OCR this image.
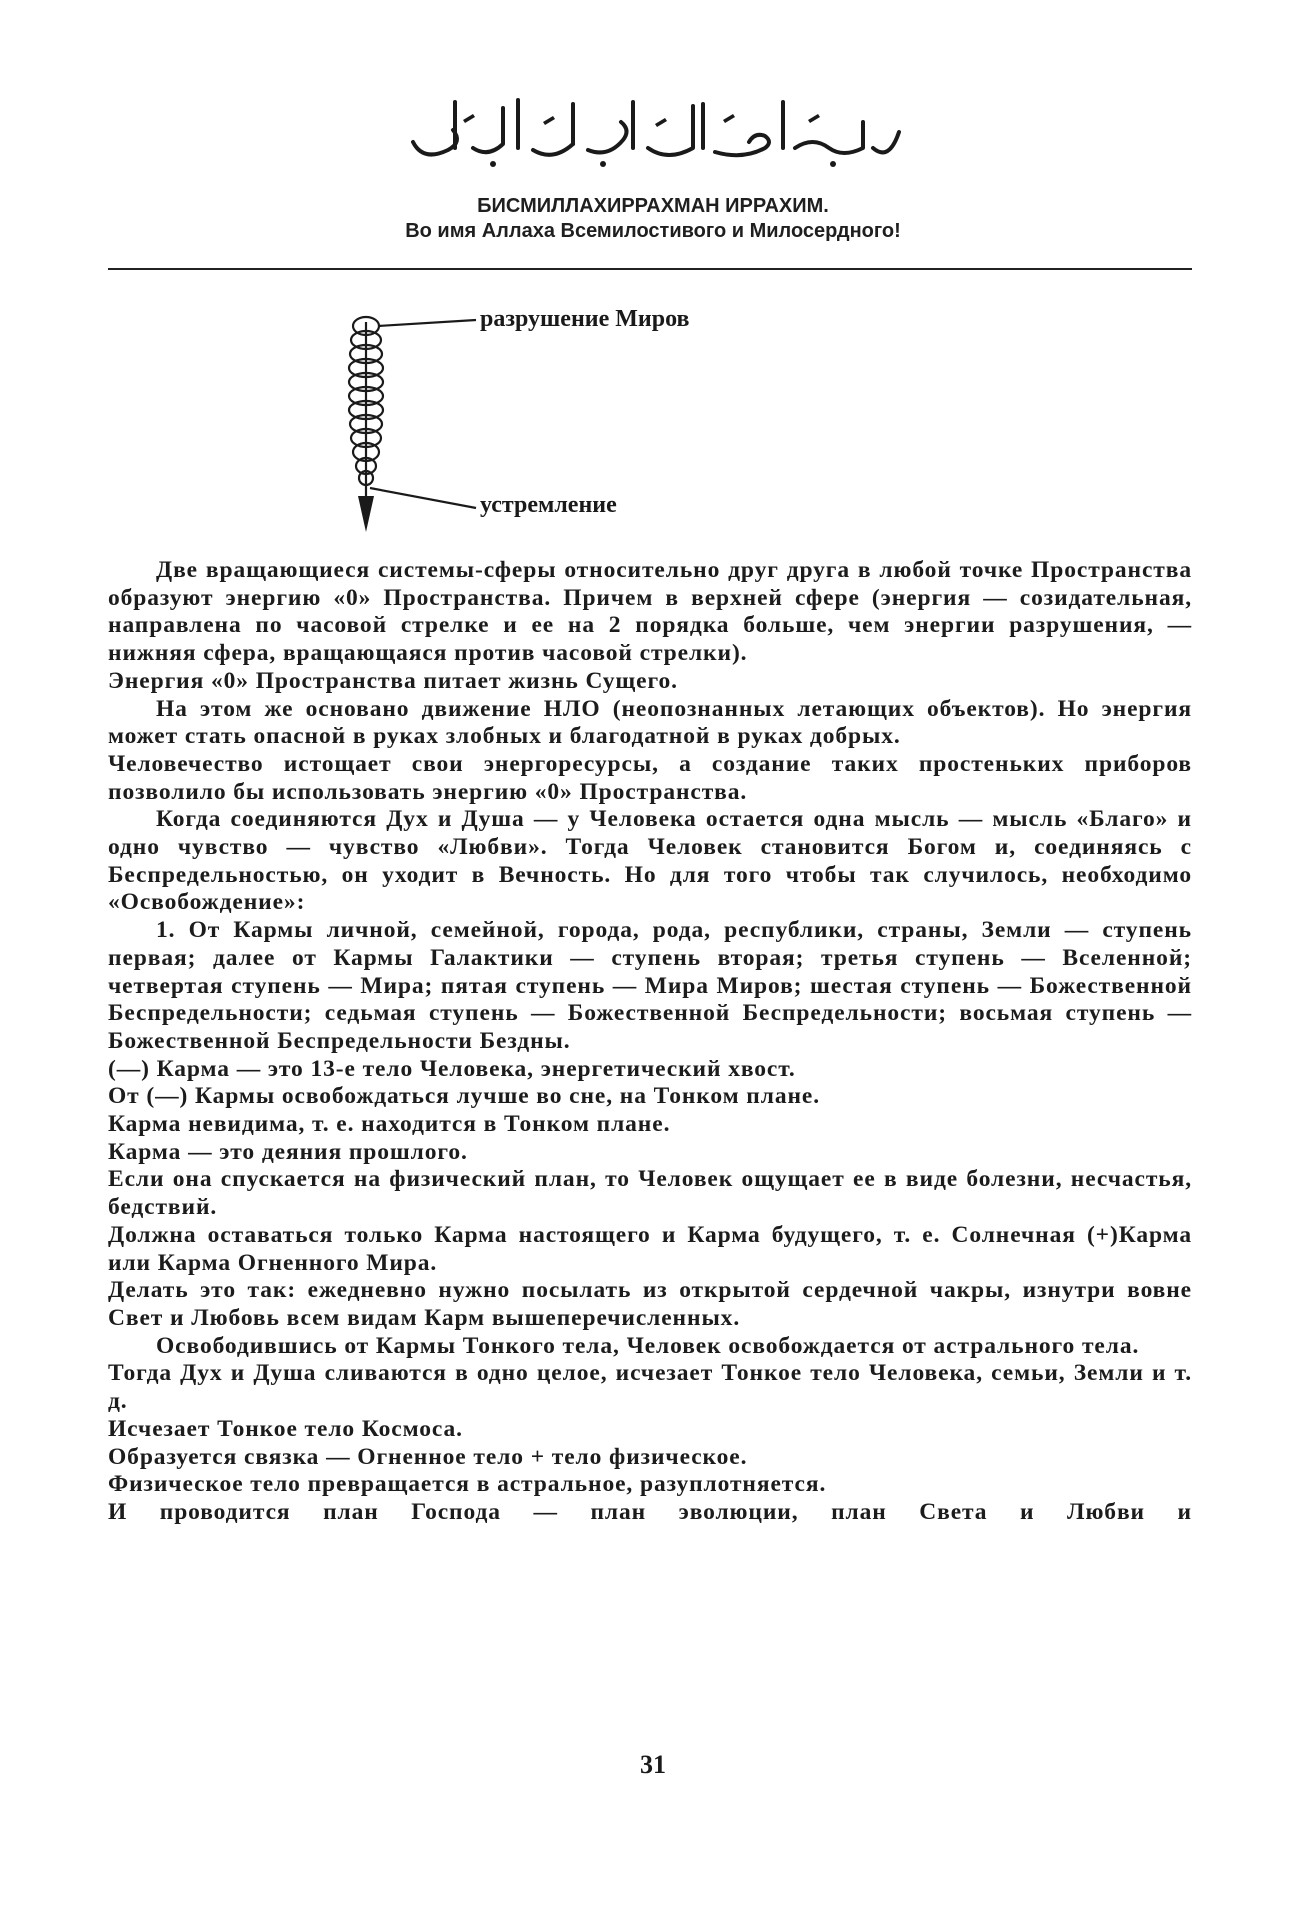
БИСМИЛЛАХИРРАХМАН ИРРАХИМ.
Во имя Аллаха Всемилостивого и Милосердного!
разрушение Миров
устремление

Две вращающиеся системы-сферы относительно друг друга в любой точке Пространства образуют энергию «0» Пространства. Причем в верхней сфере (энергия — созидательная, направлена по часовой стрелке и ее на 2 порядка больше, чем энергии разрушения, — нижняя сфера, вращающаяся против часовой стрелки).

Энергия «0» Пространства питает жизнь Сущего.

На этом же основано движение НЛО (неопознанных летающих объектов). Но энергия может стать опасной в руках злобных и благодатной в руках добрых.

Человечество истощает свои энергоресурсы, а создание таких простеньких приборов позволило бы использовать энергию «0» Пространства.

Когда соединяются Дух и Душа — у Человека остается одна мысль — мысль «Благо» и одно чувство — чувство «Любви». Тогда Человек становится Богом и, соединяясь с Беспредельностью, он уходит в Вечность. Но для того чтобы так случилось, необходимо «Освобождение»:

1. От Кармы личной, семейной, города, рода, республики, страны, Земли — ступень первая; далее от Кармы Галактики — ступень вторая; третья ступень — Вселенной; четвертая ступень — Мира; пятая ступень — Мира Миров; шестая ступень — Божественной Беспредельности; седьмая ступень — Божественной Беспредельности; восьмая ступень — Божественной Беспредельности Бездны.

(—) Карма — это 13-е тело Человека, энергетический хвост.

От (—) Кармы освобождаться лучше во сне, на Тонком плане.

Карма невидима, т. е. находится в Тонком плане.

Карма — это деяния прошлого.

Если она спускается на физический план, то Человек ощущает ее в виде болезни, несчастья, бедствий.

Должна оставаться только Карма настоящего и Карма будущего, т. е. Солнечная (+)Карма или Карма Огненного Мира.

Делать это так: ежедневно нужно посылать из открытой сердечной чакры, изнутри вовне Свет и Любовь всем видам Карм вышеперечисленных.

Освободившись от Кармы Тонкого тела, Человек освобождается от астрального тела.

Тогда Дух и Душа сливаются в одно целое, исчезает Тонкое тело Человека, семьи, Земли и т. д.

Исчезает Тонкое тело Космоса.

Образуется связка — Огненное тело + тело физическое.

Физическое тело превращается в астральное, разуплотняется.

И проводится план Господа — план эволюции, план Света и Любви и

31
